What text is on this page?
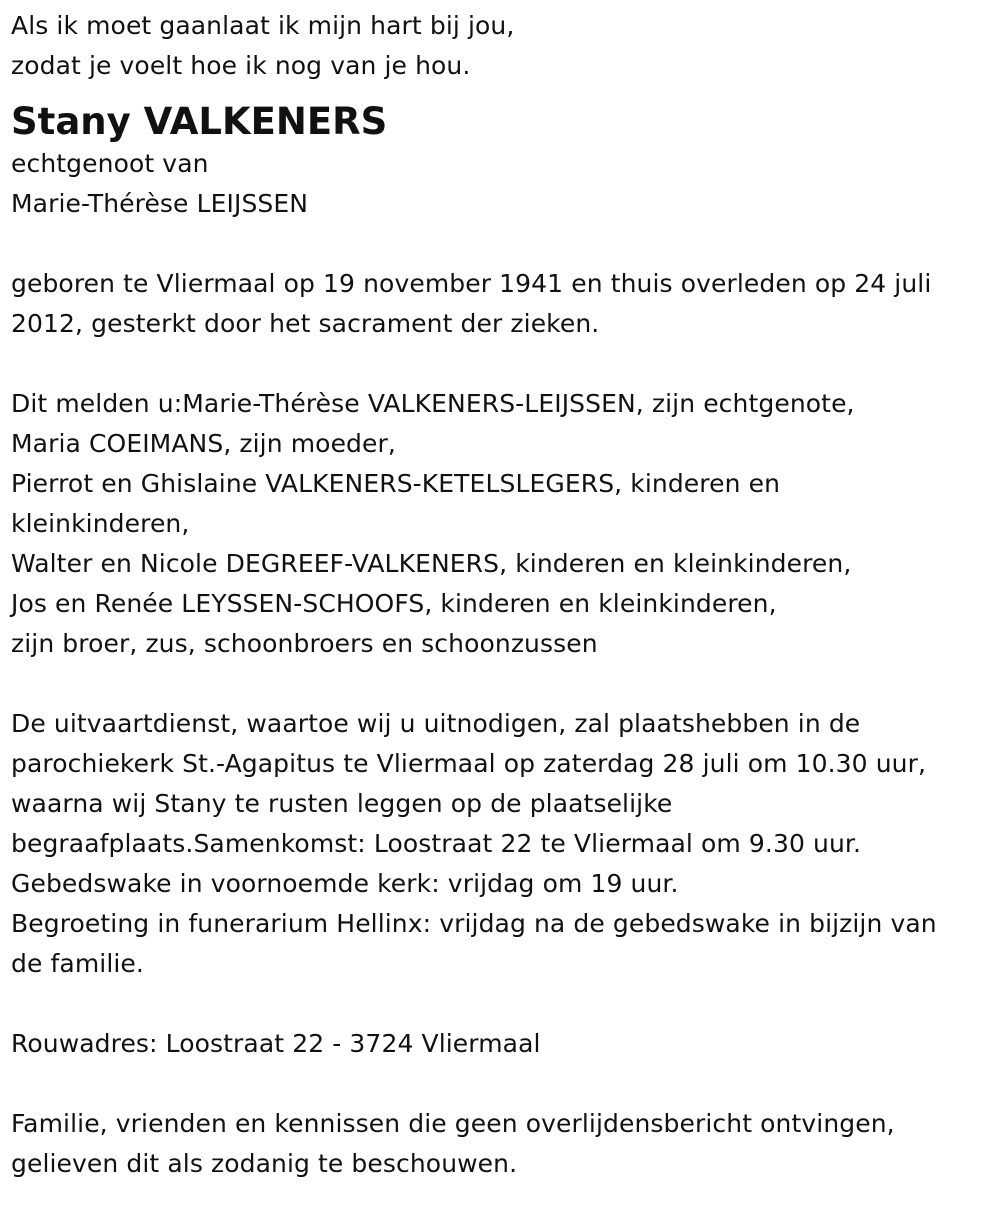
Als ik moet gaanlaat ik mijn hart bij jou,
zodat je voelt hoe ik nog van je hou.
Stany VALKENERS
echtgenoot van
Marie-Thérèse LEIJSSEN
geboren te Vliermaal op 19 november 1941 en thuis overleden op 24 juli
2012, gesterkt door het sacrament der zieken.
Dit melden u:Marie-Thérèse VALKENERS-LEIJSSEN, zijn echtgenote,
Maria COEIMANS, zijn moeder,
Pierrot en Ghislaine VALKENERS-KETELSLEGERS, kinderen en
kleinkinderen,
Walter en Nicole DEGREEF-VALKENERS, kinderen en kleinkinderen,
Jos en Renée LEYSSEN-SCHOOFS, kinderen en kleinkinderen,
zijn broer, zus, schoonbroers en schoonzussen
De uitvaartdienst, waartoe wij u uitnodigen, zal plaatshebben in de
parochiekerk St.-Agapitus te Vliermaal op zaterdag 28 juli om 10.30 uur,
waarna wij Stany te rusten leggen op de plaatselijke
begraafplaats.Samenkomst: Loostraat 22 te Vliermaal om 9.30 uur.
Gebedswake in voornoemde kerk: vrijdag om 19 uur.
Begroeting in funerarium Hellinx: vrijdag na de gebedswake in bijzijn van
de familie.
Rouwadres: Loostraat 22 - 3724 Vliermaal
Familie, vrienden en kennissen die geen overlijdensbericht ontvingen,
gelieven dit als zodanig te beschouwen.
